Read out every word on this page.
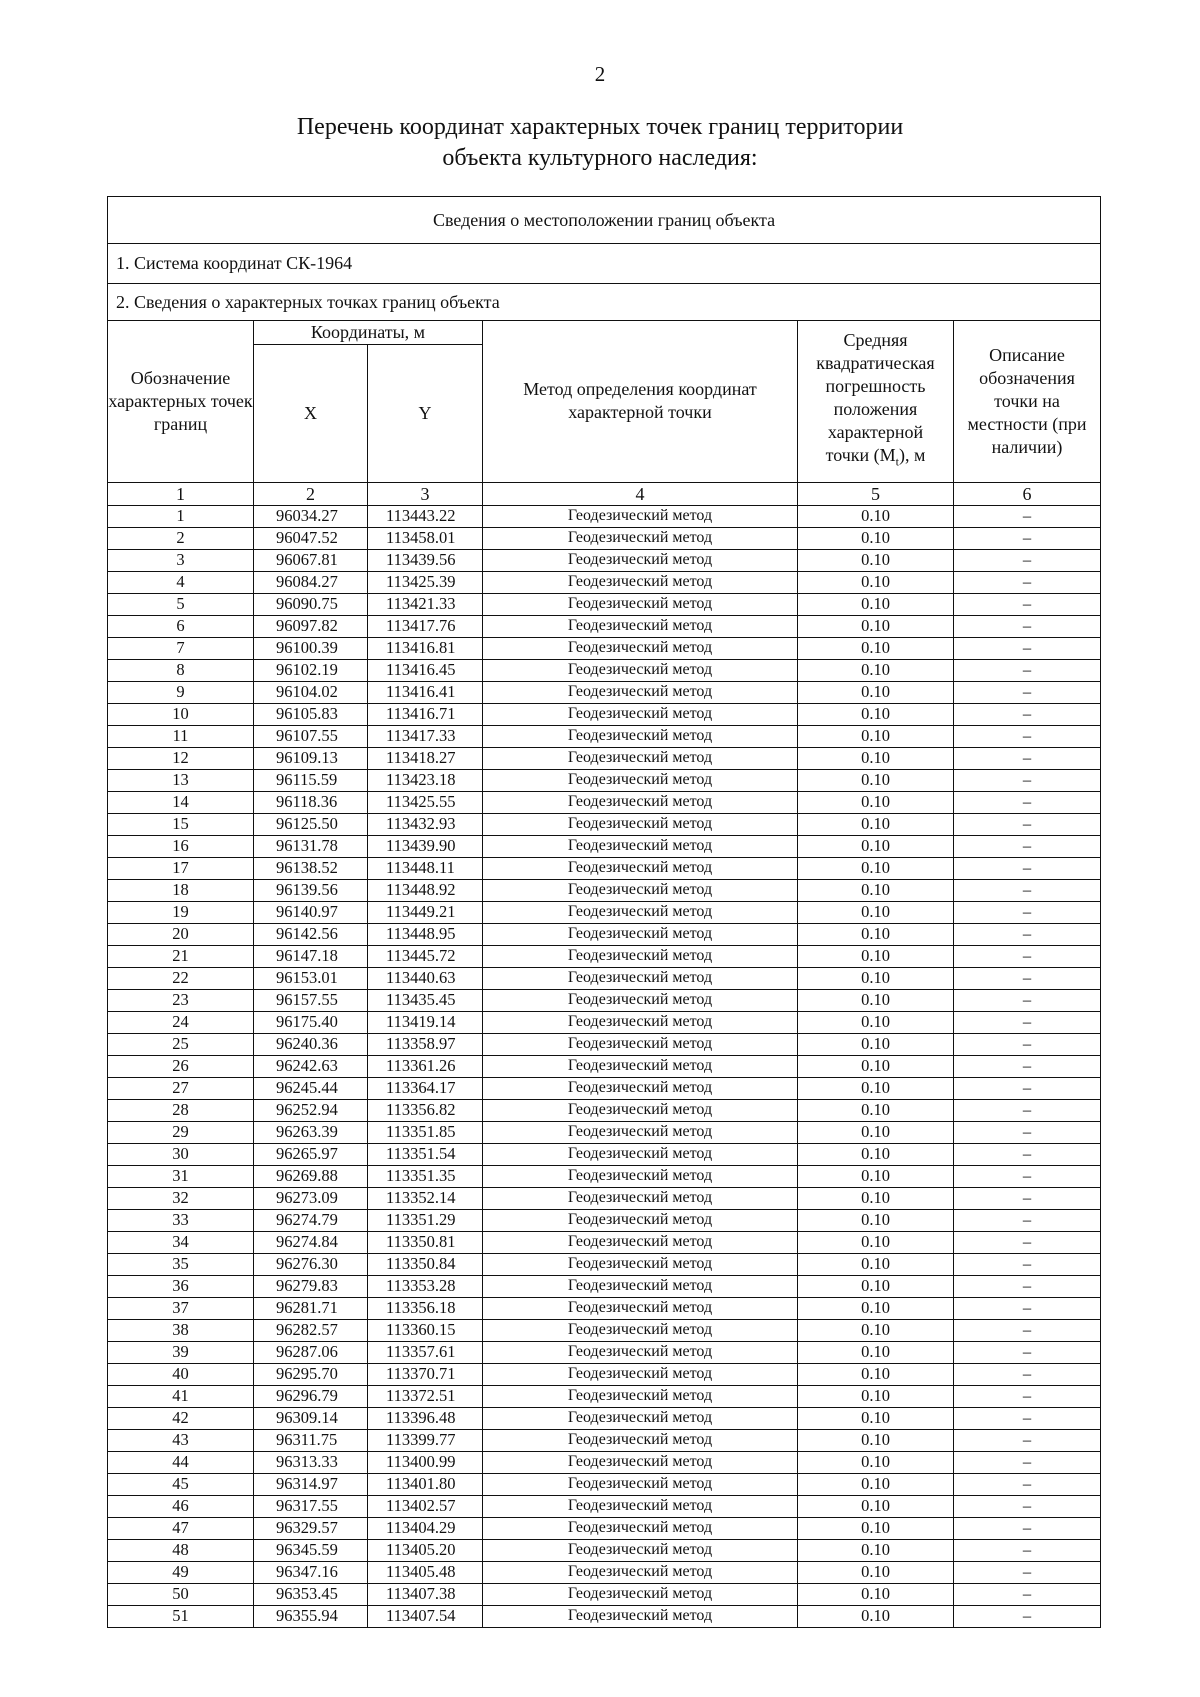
2
Перечень координат характерных точек границ территории
объекта культурного наследия:
Сведения о местоположении границ объекта					
1. Система координат СК-1964					
2. Сведения о характерных точках границ объекта					
Обозначение характерных точек границ	Координаты, м		Метод определения координат характерной точки	Средняя квадратическая погрешность положения характерной точки $(M_t)$, м	Описание обозначения точки на местности (при наличии)
	X	Y			
1	2	3	4	5	6
1	96034.27	113443.22	Геодезический метод	0.10	–
2	96047.52	113458.01	Геодезический метод	0.10	–
3	96067.81	113439.56	Геодезический метод	0.10	–
4	96084.27	113425.39	Геодезический метод	0.10	–
5	96090.75	113421.33	Геодезический метод	0.10	–
6	96097.82	113417.76	Геодезический метод	0.10	–
7	96100.39	113416.81	Геодезический метод	0.10	–
8	96102.19	113416.45	Геодезический метод	0.10	–
9	96104.02	113416.41	Геодезический метод	0.10	–
10	96105.83	113416.71	Геодезический метод	0.10	–
11	96107.55	113417.33	Геодезический метод	0.10	–
12	96109.13	113418.27	Геодезический метод	0.10	–
13	96115.59	113423.18	Геодезический метод	0.10	–
14	96118.36	113425.55	Геодезический метод	0.10	–
15	96125.50	113432.93	Геодезический метод	0.10	–
16	96131.78	113439.90	Геодезический метод	0.10	–
17	96138.52	113448.11	Геодезический метод	0.10	–
18	96139.56	113448.92	Геодезический метод	0.10	–
19	96140.97	113449.21	Геодезический метод	0.10	–
20	96142.56	113448.95	Геодезический метод	0.10	–
21	96147.18	113445.72	Геодезический метод	0.10	–
22	96153.01	113440.63	Геодезический метод	0.10	–
23	96157.55	113435.45	Геодезический метод	0.10	–
24	96175.40	113419.14	Геодезический метод	0.10	–
25	96240.36	113358.97	Геодезический метод	0.10	–
26	96242.63	113361.26	Геодезический метод	0.10	–
27	96245.44	113364.17	Геодезический метод	0.10	–
28	96252.94	113356.82	Геодезический метод	0.10	–
29	96263.39	113351.85	Геодезический метод	0.10	–
30	96265.97	113351.54	Геодезический метод	0.10	–
31	96269.88	113351.35	Геодезический метод	0.10	–
32	96273.09	113352.14	Геодезический метод	0.10	–
33	96274.79	113351.29	Геодезический метод	0.10	–
34	96274.84	113350.81	Геодезический метод	0.10	–
35	96276.30	113350.84	Геодезический метод	0.10	–
36	96279.83	113353.28	Геодезический метод	0.10	–
37	96281.71	113356.18	Геодезический метод	0.10	–
38	96282.57	113360.15	Геодезический метод	0.10	–
39	96287.06	113357.61	Геодезический метод	0.10	–
40	96295.70	113370.71	Геодезический метод	0.10	–
41	96296.79	113372.51	Геодезический метод	0.10	–
42	96309.14	113396.48	Геодезический метод	0.10	–
43	96311.75	113399.77	Геодезический метод	0.10	–
44	96313.33	113400.99	Геодезический метод	0.10	–
45	96314.97	113401.80	Геодезический метод	0.10	–
46	96317.55	113402.57	Геодезический метод	0.10	–
47	96329.57	113404.29	Геодезический метод	0.10	–
48	96345.59	113405.20	Геодезический метод	0.10	–
49	96347.16	113405.48	Геодезический метод	0.10	–
50	96353.45	113407.38	Геодезический метод	0.10	–
51	96355.94	113407.54	Геодезический метод	0.10	–
